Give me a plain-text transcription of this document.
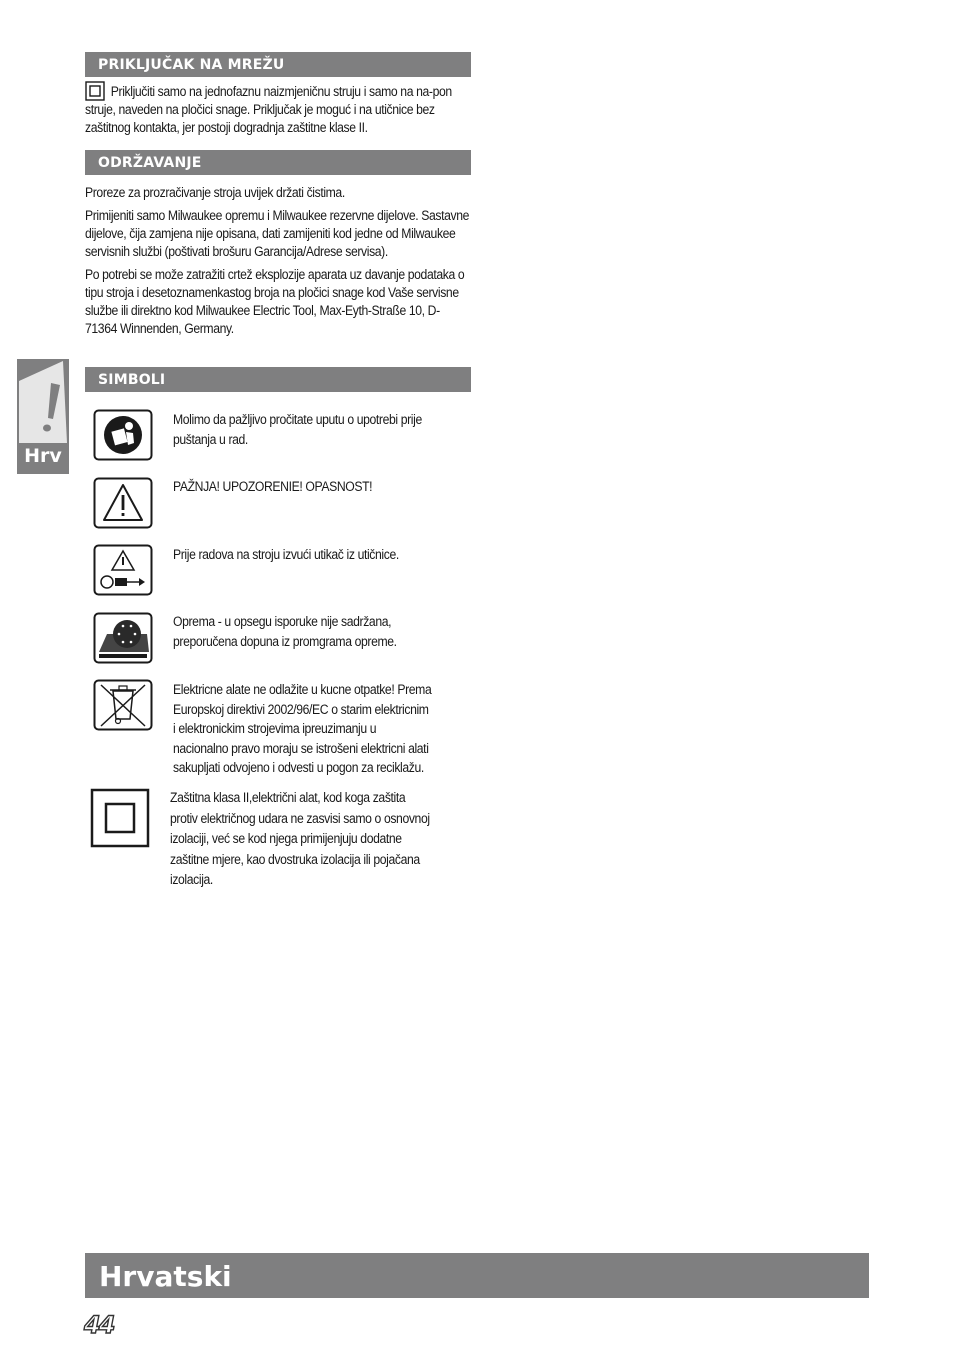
PRIKLJUČAK NA MREŽU

Priključiti samo na jednofaznu naizmjeničnu struju i samo na na-pon struje, naveden na pločici snage. Priključak je moguć i na utičnice bez zaštitnog kontakta, jer postoji dogradnja zaštitne klase II.

ODRŽAVANJE

Proreze za prozračivanje stroja uvijek držati čistima.

Primijeniti samo Milwaukee opremu i Milwaukee rezervne dijelove. Sastavne dijelove, čija zamjena nije opisana, dati zamijeniti kod jedne od Milwaukee servisnih službi (poštivati brošuru Garancija/Adrese servisa).

Po potrebi se može zatražiti crtež eksplozije aparata uz davanje podataka o tipu stroja i desetoznamenkastog broja na pločici snage kod Vaše servisne službe ili direktno kod Milwaukee Electric Tool, Max-Eyth-Straße 10, D-71364 Winnenden, Germany.

SIMBOLI
Molimo da pažljivo pročitate uputu o upotrebi prije
puštanja u rad.
PAŽNJA! UPOZORENIE! OPASNOST!
Prije radova na stroju izvući utikač iz utičnice.
Oprema - u opsegu isporuke nije sadržana,
preporučena dopuna iz promgrama opreme.
Elektricne alate ne odlažite u kucne otpatke! Prema
Europskoj direktivi 2002/96/EC o starim elektricnim
i elektronickim strojevima ipreuzimanju u
nacionalno pravo moraju se istrošeni elektricni alati
sakupljati odvojeno i odvesti u pogon za reciklažu.
Zaštitna klasa II,električni alat, kod koga zaštita
protiv električnog udara ne zasvisi samo o osnovnoj
izolaciji, već se kod njega primijenjuju dodatne
zaštitne mjere, kao dvostruka izolacija ili pojačana
izolacija.
Hrv
Hrvatski
44
